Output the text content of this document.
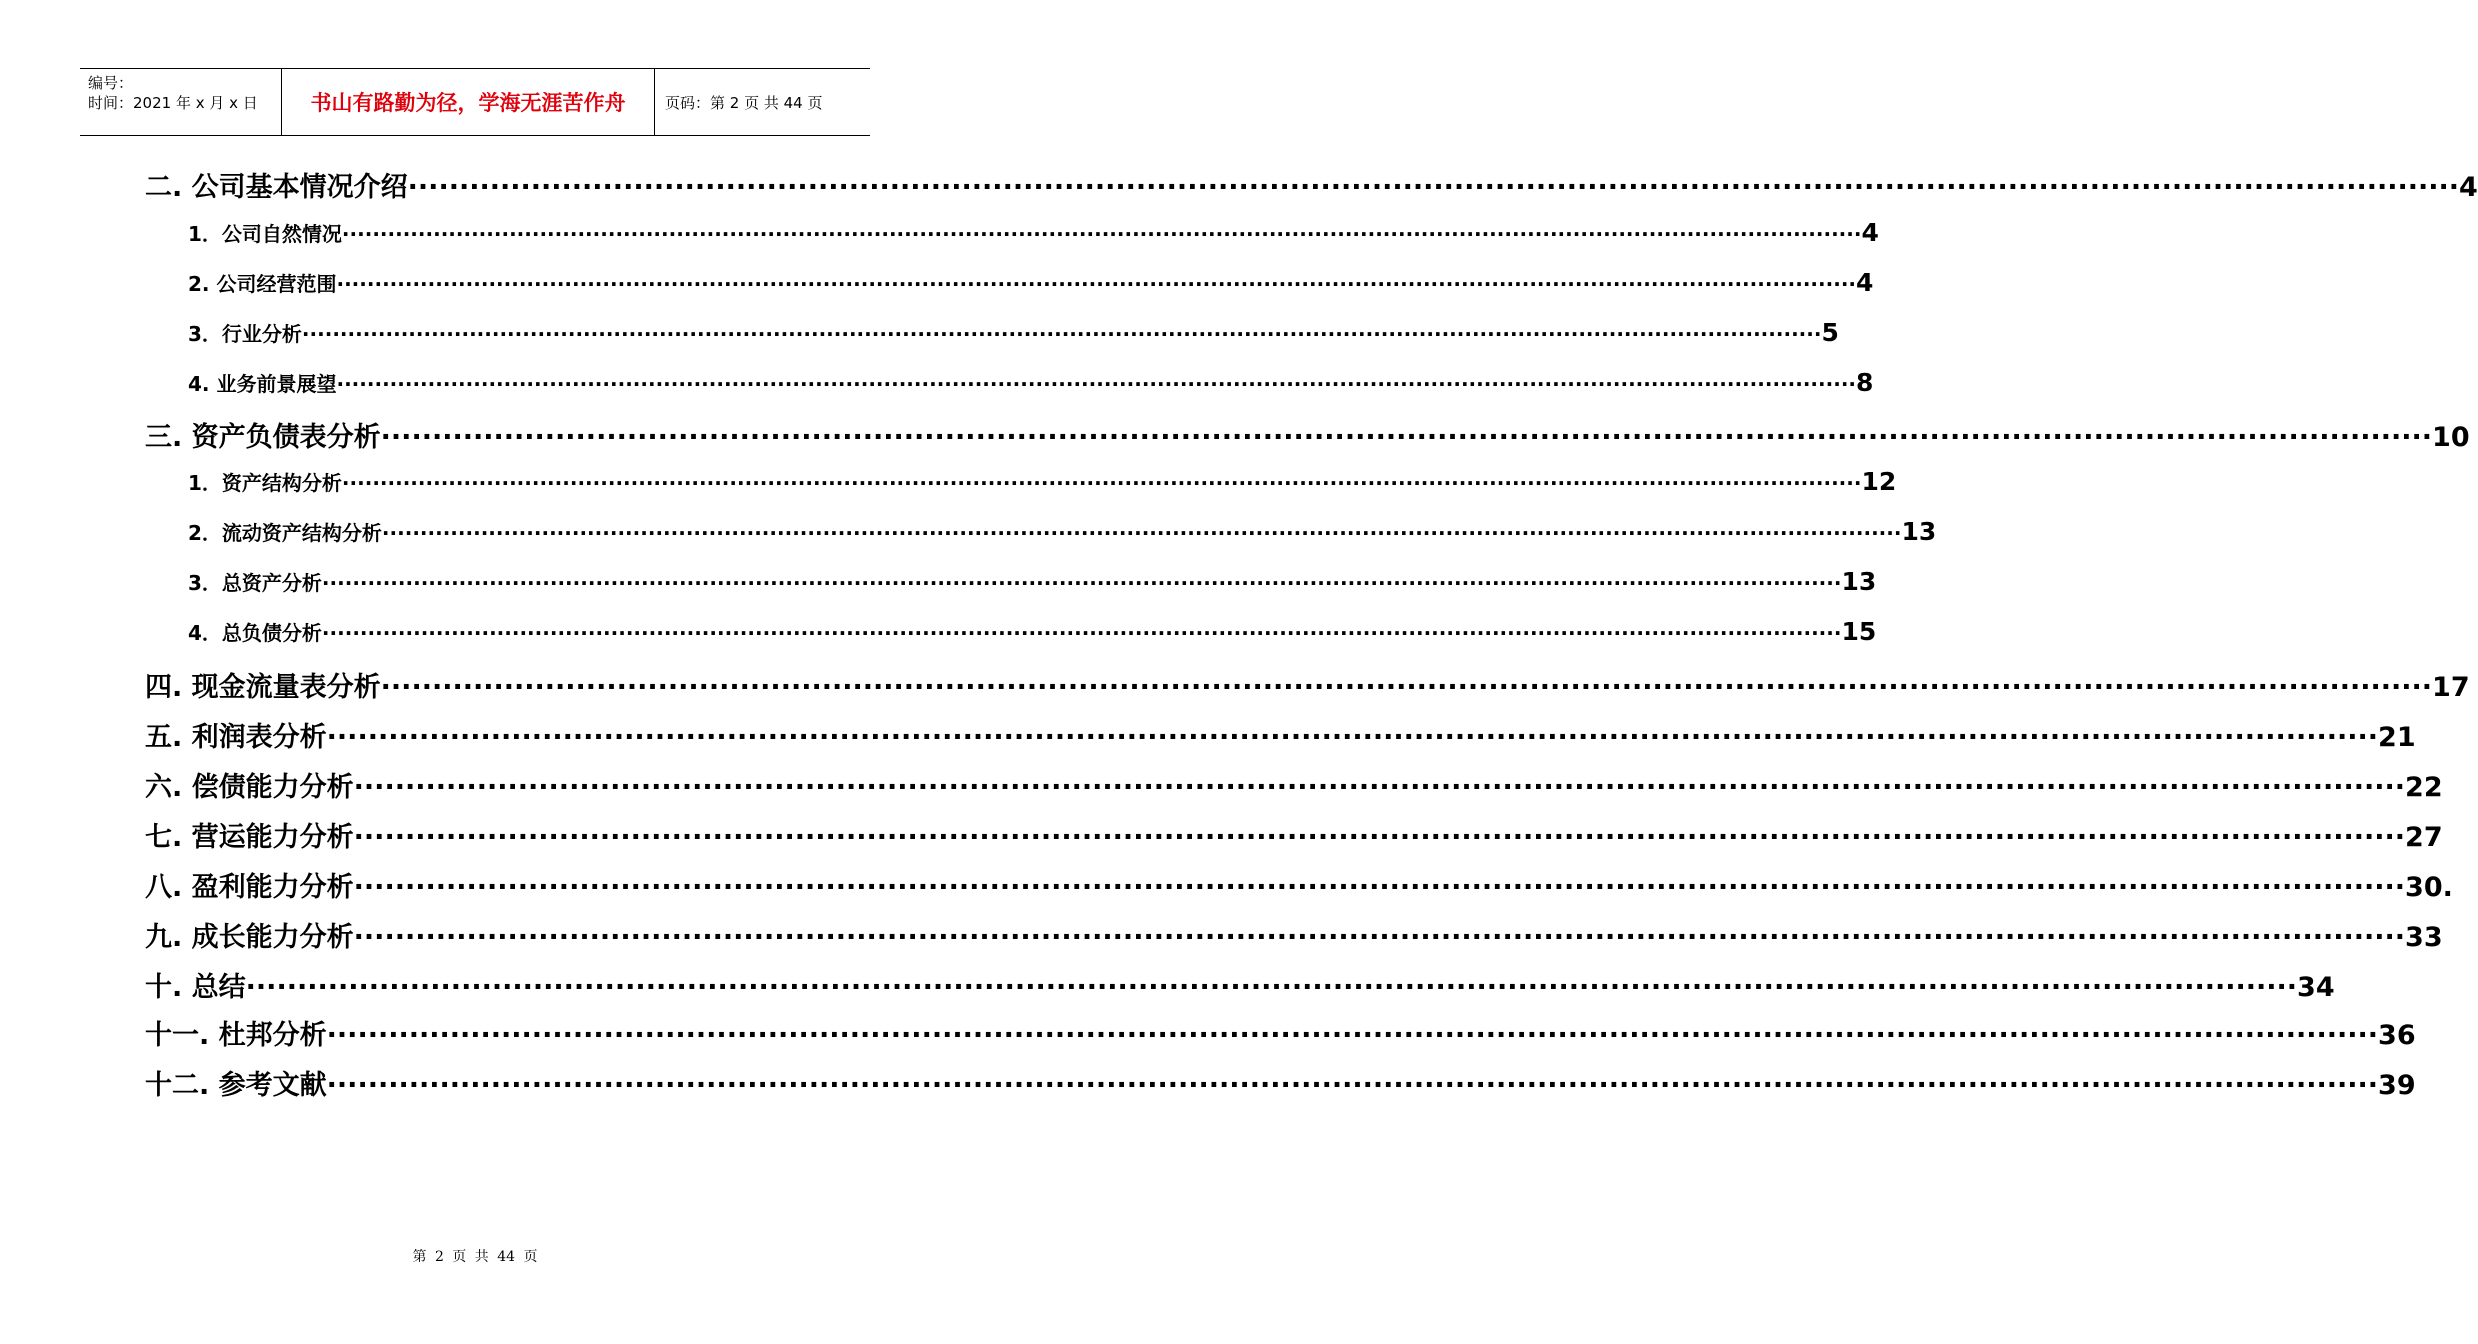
编号：
时间：2021 年 x 月 x 日	书山有路勤为径，学海无涯苦作舟	页码：第 2 页 共 44 页
二. 公司基本情况介绍 ········································································································································································································ 4
1．公司自然情况 ········································································································································································································ 4
2. 公司经营范围 ········································································································································································································ 4
3．行业分析 ········································································································································································································ 5
4. 业务前景展望 ········································································································································································································ 8
三. 资产负债表分析 ········································································································································································································ 10
1．资产结构分析 ········································································································································································································ 12
2．流动资产结构分析 ········································································································································································································ 13
3．总资产分析 ········································································································································································································ 13
4．总负债分析 ········································································································································································································ 15
四. 现金流量表分析 ········································································································································································································ 17
五. 利润表分析 ········································································································································································································ 21
六. 偿债能力分析 ········································································································································································································ 22
七. 营运能力分析 ········································································································································································································ 27
八. 盈利能力分析 ········································································································································································································ 30.
九. 成长能力分析 ········································································································································································································ 33
十. 总结 ········································································································································································································ 34
十一. 杜邦分析 ········································································································································································································ 36
十二. 参考文献 ········································································································································································································ 39
第 2 页 共 44 页
